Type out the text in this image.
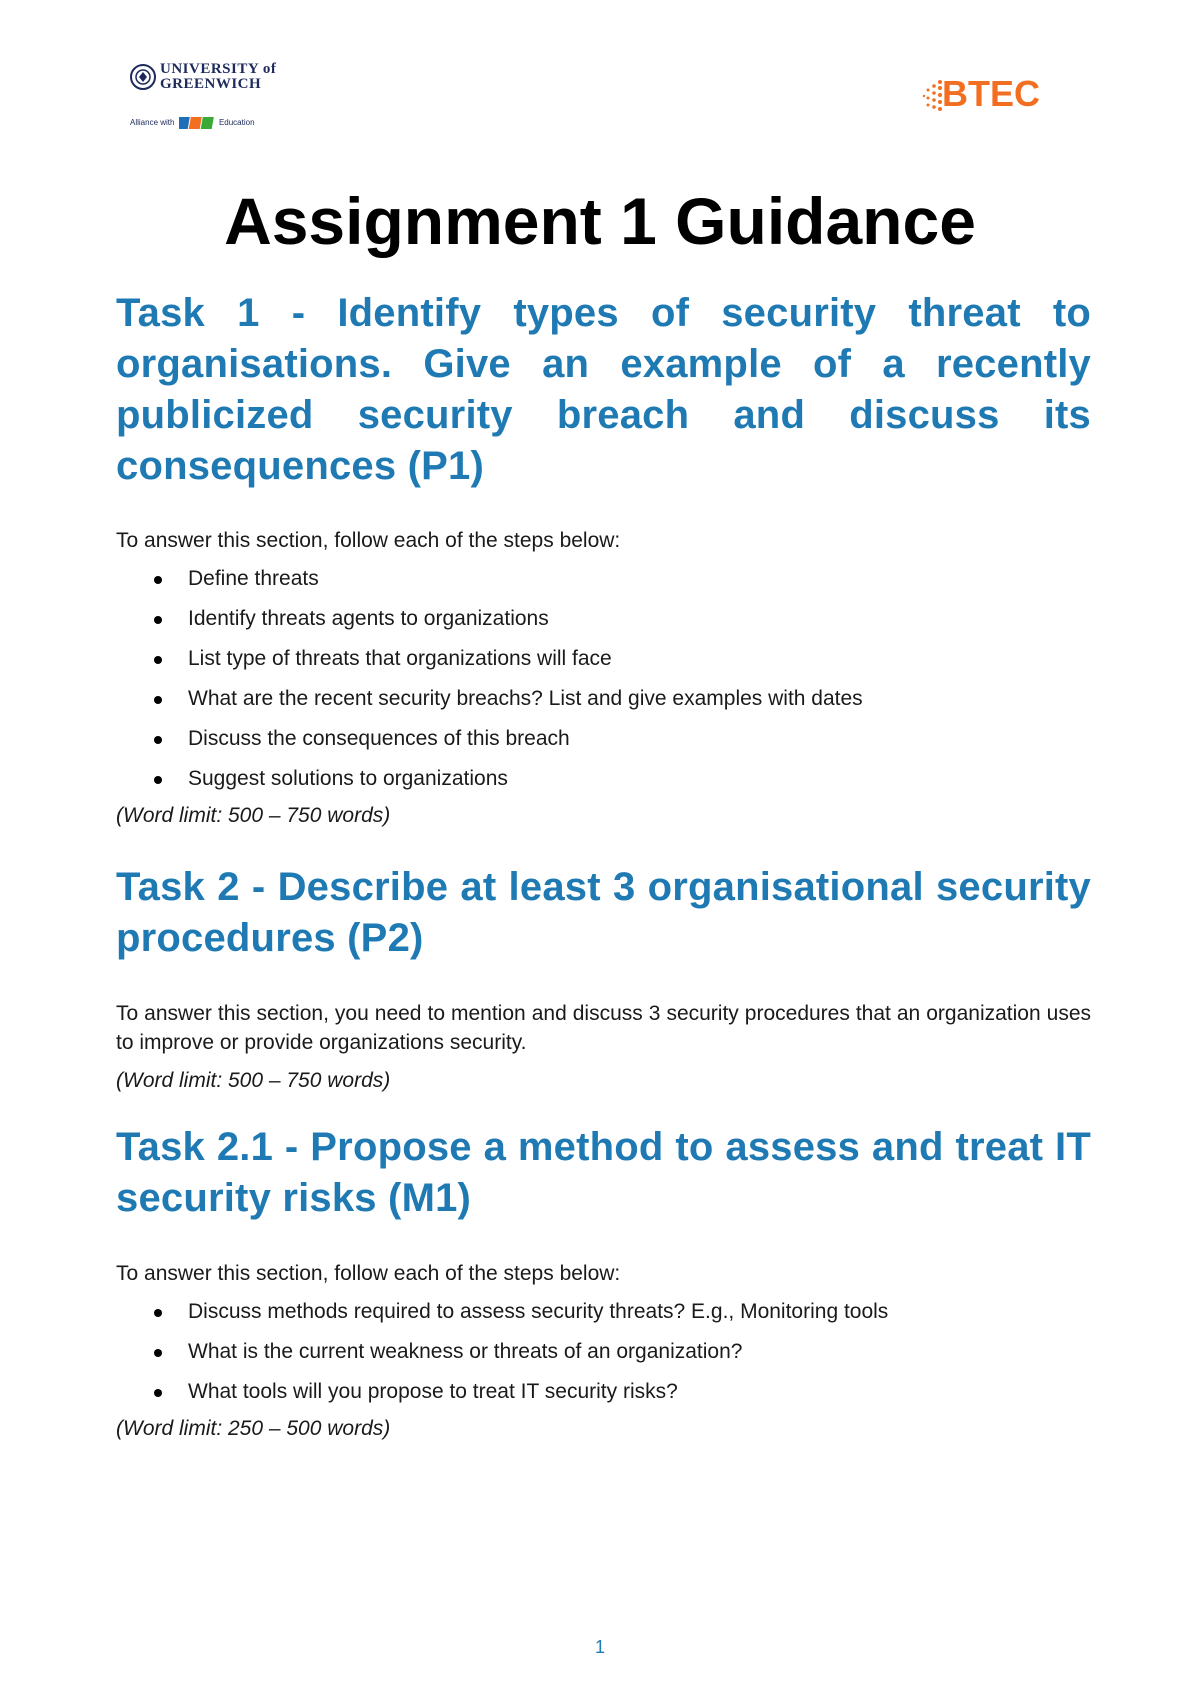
UNIVERSITY of
GREENWICH
Alliance with	Education
BTEC
Assignment 1 Guidance
Task 1 - Identify types of security threat to organisations. Give an example of a recently publicized security breach and discuss its consequences (P1)

To answer this section, follow each of the steps below:

Define threats
Identify threats agents to organizations
List type of threats that organizations will face
What are the recent security breachs? List and give examples with dates
Discuss the consequences of this breach
Suggest solutions to organizations

(Word limit: 500 – 750 words)

Task 2 - Describe at least 3 organisational security procedures (P2)

To answer this section, you need to mention and discuss 3 security procedures that an organization uses to improve or provide organizations security.

(Word limit: 500 – 750 words)

Task 2.1 - Propose a method to assess and treat IT security risks (M1)

To answer this section, follow each of the steps below:

Discuss methods required to assess security threats? E.g., Monitoring tools
What is the current weakness or threats of an organization?
What tools will you propose to treat IT security risks?

(Word limit: 250 – 500 words)

1
